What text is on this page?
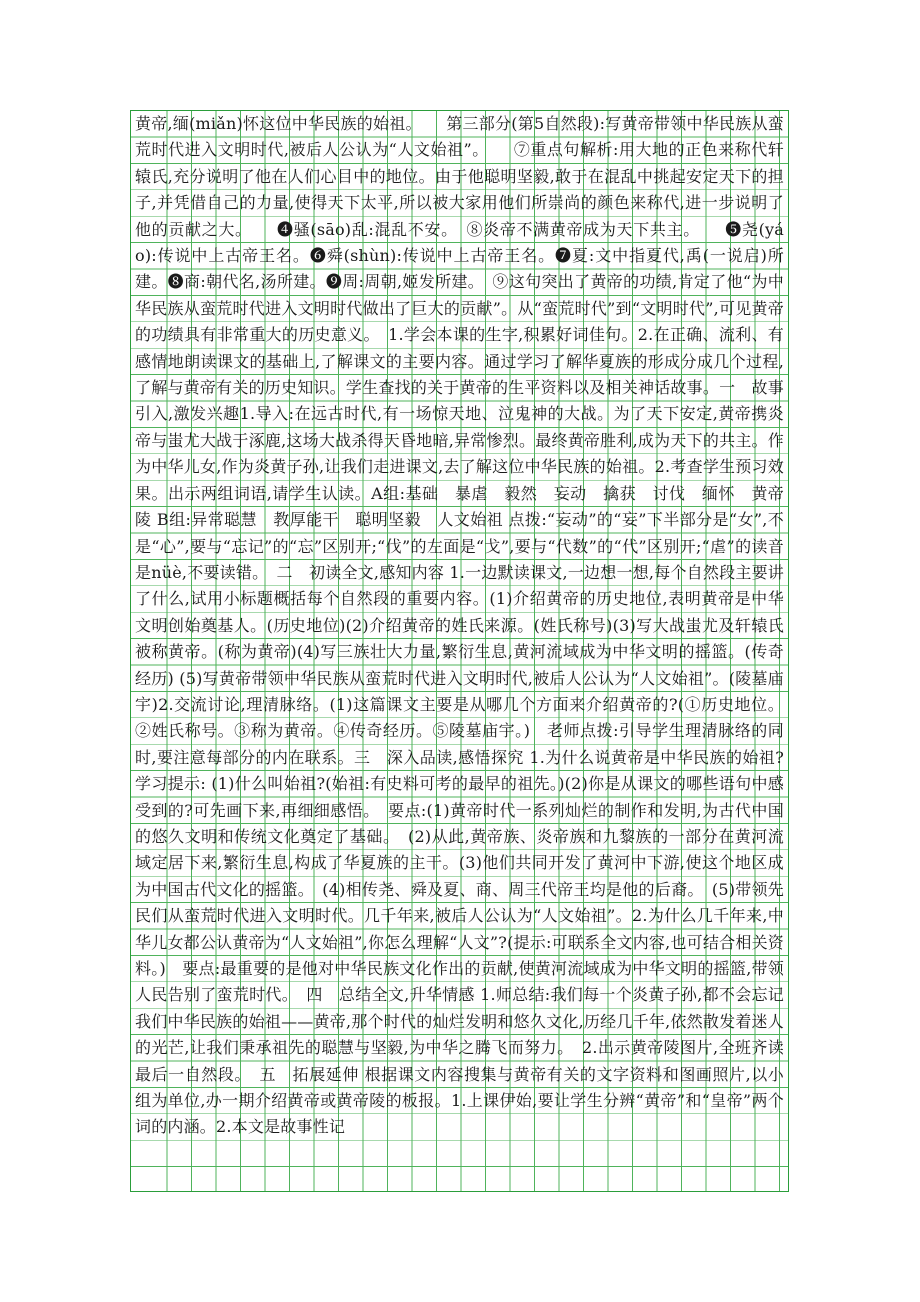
黄帝,缅(miǎn)怀这位中华民族的始祖。　　第三部分(第5自然段):写黄帝带领中华民族从蛮荒时代进入文明时代,被后人公认为“人文始祖”。　　⑦重点句解析:用大地的正色来称代轩辕氏,充分说明了他在人们心目中的地位。由于他聪明坚毅,敢于在混乱中挑起安定天下的担子,并凭借自己的力量,使得天下太平,所以被大家用他们所崇尚的颜色来称代,进一步说明了他的贡献之大。　　❹骚(sāo)乱:混乱不安。　⑧炎帝不满黄帝成为天下共主。　　❺尧(yáo):传说中上古帝王名。❻舜(shùn):传说中上古帝王名。❼夏:文中指夏代,禹(一说启)所建。❽商:朝代名,汤所建。❾周:周朝,姬发所建。　⑨这句突出了黄帝的功绩,肯定了他“为中华民族从蛮荒时代进入文明时代做出了巨大的贡献”。从“蛮荒时代”到“文明时代”,可见黄帝的功绩具有非常重大的历史意义。　1.学会本课的生字,积累好词佳句。2.在正确、流利、有感情地朗读课文的基础上,了解课文的主要内容。通过学习了解华夏族的形成分成几个过程,了解与黄帝有关的历史知识。学生查找的关于黄帝的生平资料以及相关神话故事。一　故事引入,激发兴趣1.导入:在远古时代,有一场惊天地、泣鬼神的大战。为了天下安定,黄帝携炎帝与蚩尤大战于涿鹿,这场大战杀得天昏地暗,异常惨烈。最终黄帝胜利,成为天下的共主。作为中华儿女,作为炎黄子孙,让我们走进课文,去了解这位中华民族的始祖。2.考查学生预习效果。出示两组词语,请学生认读。A组:基础　暴虐　毅然　妄动　擒获　讨伐　缅怀　黄帝陵 B组:异常聪慧　教厚能干　聪明坚毅　人文始祖 点拨:“妄动”的“妄”下半部分是“女”,不是“心”,要与“忘记”的“忘”区别开;“伐”的左面是“戈”,要与“代数”的“代”区别开;“虐”的读音是nüè,不要读错。　二　初读全文,感知内容 1.一边默读课文,一边想一想,每个自然段主要讲了什么,试用小标题概括每个自然段的重要内容。(1)介绍黄帝的历史地位,表明黄帝是中华文明创始奠基人。(历史地位)(2)介绍黄帝的姓氏来源。(姓氏称号)(3)写大战蚩尤及轩辕氏被称黄帝。(称为黄帝)(4)写三族壮大力量,繁衍生息,黄河流域成为中华文明的摇篮。(传奇经历) (5)写黄帝带领中华民族从蛮荒时代进入文明时代,被后人公认为“人文始祖”。(陵墓庙宇)2.交流讨论,理清脉络。(1)这篇课文主要是从哪几个方面来介绍黄帝的?(①历史地位。②姓氏称号。③称为黄帝。④传奇经历。⑤陵墓庙宇。)　老师点拨:引导学生理清脉络的同时,要注意每部分的内在联系。三　深入品读,感悟探究 1.为什么说黄帝是中华民族的始祖? 学习提示: (1)什么叫始祖?(始祖:有史料可考的最早的祖先。)(2)你是从课文的哪些语句中感受到的?可先画下来,再细细感悟。　要点:(1)黄帝时代一系列灿烂的制作和发明,为古代中国的悠久文明和传统文化奠定了基础。　(2)从此,黄帝族、炎帝族和九黎族的一部分在黄河流域定居下来,繁衍生息,构成了华夏族的主干。(3)他们共同开发了黄河中下游,使这个地区成为中国古代文化的摇篮。　(4)相传尧、舜及夏、商、周三代帝王均是他的后裔。　(5)带领先民们从蛮荒时代进入文明时代。几千年来,被后人公认为“人文始祖”。2.为什么几千年来,中华儿女都公认黄帝为“人文始祖”,你怎么理解“人文”?(提示:可联系全文内容,也可结合相关资料。)　要点:最重要的是他对中华民族文化作出的贡献,使黄河流域成为中华文明的摇篮,带领人民告别了蛮荒时代。　四　总结全文,升华情感 1.师总结:我们每一个炎黄子孙,都不会忘记我们中华民族的始祖——黄帝,那个时代的灿烂发明和悠久文化,历经几千年,依然散发着迷人的光芒,让我们秉承祖先的聪慧与坚毅,为中华之腾飞而努力。　2.出示黄帝陵图片,全班齐读最后一自然段。　五　拓展延伸 根据课文内容搜集与黄帝有关的文字资料和图画照片,以小组为单位,办一期介绍黄帝或黄帝陵的板报。1.上课伊始,要让学生分辨“黄帝”和“皇帝”两个词的内涵。2.本文是故事性记
